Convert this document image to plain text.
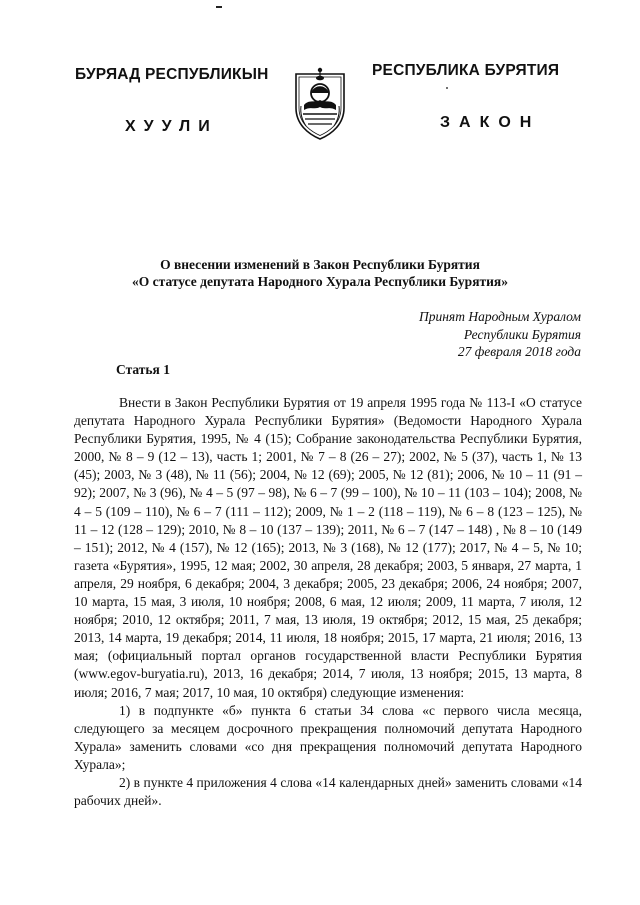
БУРЯАД РЕСПУБЛИКЫН
ХУУЛИ
РЕСПУБЛИКА БУРЯТИЯ
ЗАКОН
О внесении изменений в Закон Республики Бурятия
«О статусе депутата Народного Хурала Республики Бурятия»
Принят Народным Хуралом
Республики Бурятия
27 февраля 2018 года
Статья 1

Внести в Закон Республики Бурятия от 19 апреля 1995 года № 113-I «О статусе депутата Народного Хурала Республики Бурятия» (Ведомости Народного Хурала Республики Бурятия, 1995, № 4 (15); Собрание законодательства Республики Бурятия, 2000, № 8 – 9 (12 – 13), часть 1; 2001, № 7 – 8 (26 – 27); 2002, № 5 (37), часть 1, № 13 (45); 2003, № 3 (48), № 11 (56); 2004, № 12 (69); 2005, № 12 (81); 2006, № 10 – 11 (91 – 92); 2007, № 3 (96), № 4 – 5 (97 – 98), № 6 – 7 (99 – 100), № 10 – 11 (103 – 104); 2008, № 4 – 5 (109 – 110), № 6 – 7 (111 – 112); 2009, № 1 – 2 (118 – 119), № 6 – 8 (123 – 125), № 11 – 12 (128 – 129); 2010, № 8 – 10 (137 – 139); 2011, № 6 – 7 (147 – 148) , № 8 – 10 (149 – 151); 2012, № 4 (157), № 12 (165); 2013, № 3 (168), № 12 (177); 2017, № 4 – 5, № 10; газета «Бурятия», 1995, 12 мая; 2002, 30 апреля, 28 декабря; 2003, 5 января, 27 марта, 1 апреля, 29 ноября, 6 декабря; 2004, 3 декабря; 2005, 23 декабря; 2006, 24 ноября; 2007, 10 марта, 15 мая, 3 июля, 10 ноября; 2008, 6 мая, 12 июля; 2009, 11 марта, 7 июля, 12 ноября; 2010, 12 октября; 2011, 7 мая, 13 июля, 19 октября; 2012, 15 мая, 25 декабря; 2013, 14 марта, 19 декабря; 2014, 11 июля, 18 ноября; 2015, 17 марта, 21 июля; 2016, 13 мая; (официальный портал органов государственной власти Республики Бурятия (www.egov-buryatia.ru), 2013, 16 декабря; 2014, 7 июля, 13 ноября; 2015, 13 марта, 8 июля; 2016, 7 мая; 2017, 10 мая, 10 октября) следующие изменения:

1) в подпункте «б» пункта 6 статьи 34 слова «с первого числа месяца, следующего за месяцем досрочного прекращения полномочий депутата Народного Хурала» заменить словами «со дня прекращения полномочий депутата Народного Хурала»;

2) в пункте 4 приложения 4 слова «14 календарных дней» заменить словами «14 рабочих дней».
